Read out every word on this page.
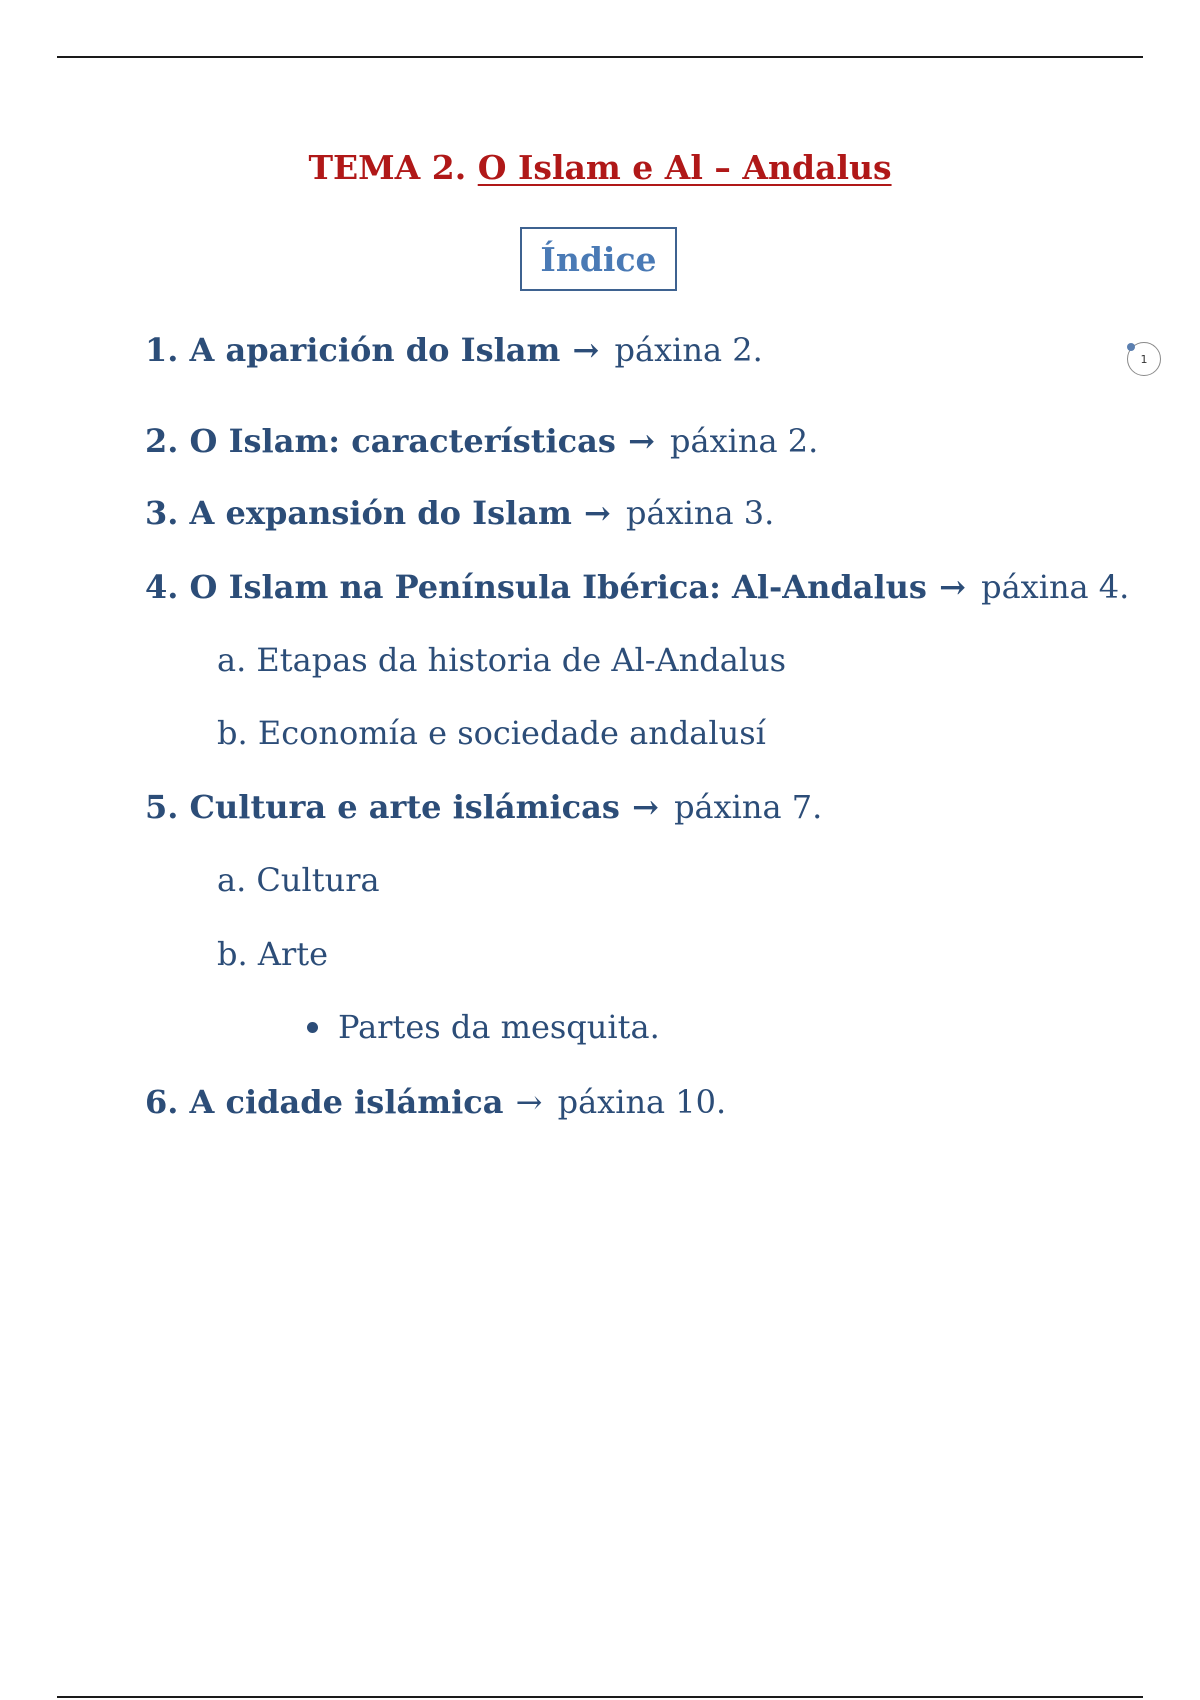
TEMA 2. O Islam e Al – Andalus
Índice
1. A aparición do Islam → páxina 2.
2. O Islam: características → páxina 2.
3. A expansión do Islam → páxina 3.
4. O Islam na Península Ibérica: Al-Andalus → páxina 4.
a. Etapas da historia de Al-Andalus
b. Economía e sociedade andalusí
5. Cultura e arte islámicas → páxina 7.
a. Cultura
b. Arte
Partes da mesquita.
6. A cidade islámica → páxina 10.
1
